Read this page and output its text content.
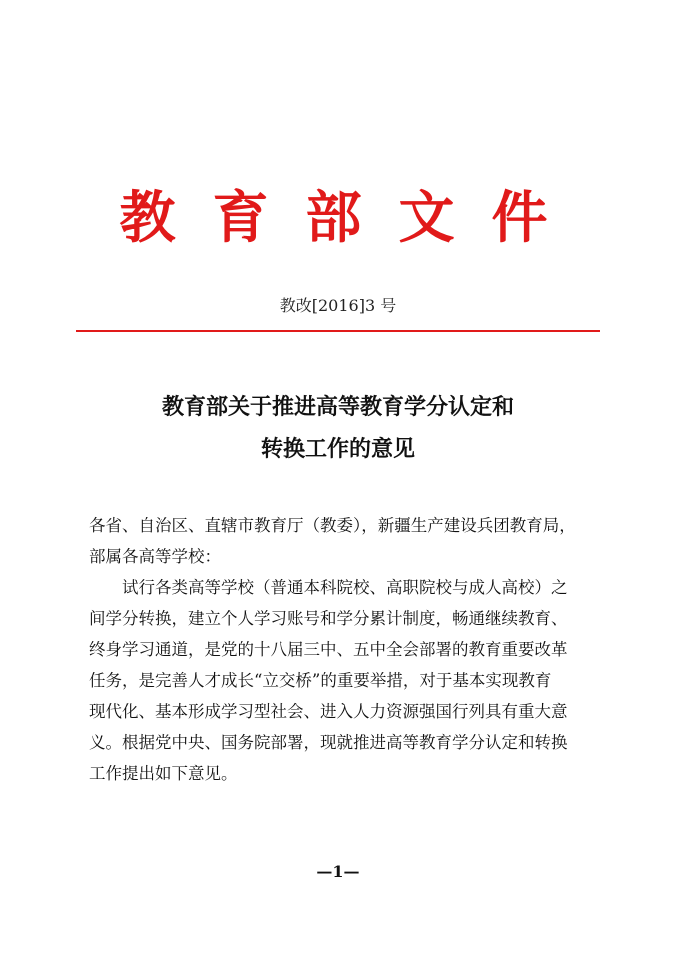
教育部文件
教改[2016]3 号
教育部关于推进高等教育学分认定和
转换工作的意见
各省、自治区、直辖市教育厅（教委），新疆生产建设兵团教育局，
部属各高等学校：
试行各类高等学校（普通本科院校、高职院校与成人高校）之
间学分转换，建立个人学习账号和学分累计制度，畅通继续教育、
终身学习通道，是党的十八届三中、五中全会部署的教育重要改革
任务，是完善人才成长“立交桥”的重要举措，对于基本实现教育
现代化、基本形成学习型社会、进入人力资源强国行列具有重大意
义。根据党中央、国务院部署，现就推进高等教育学分认定和转换
工作提出如下意见。
—1—
